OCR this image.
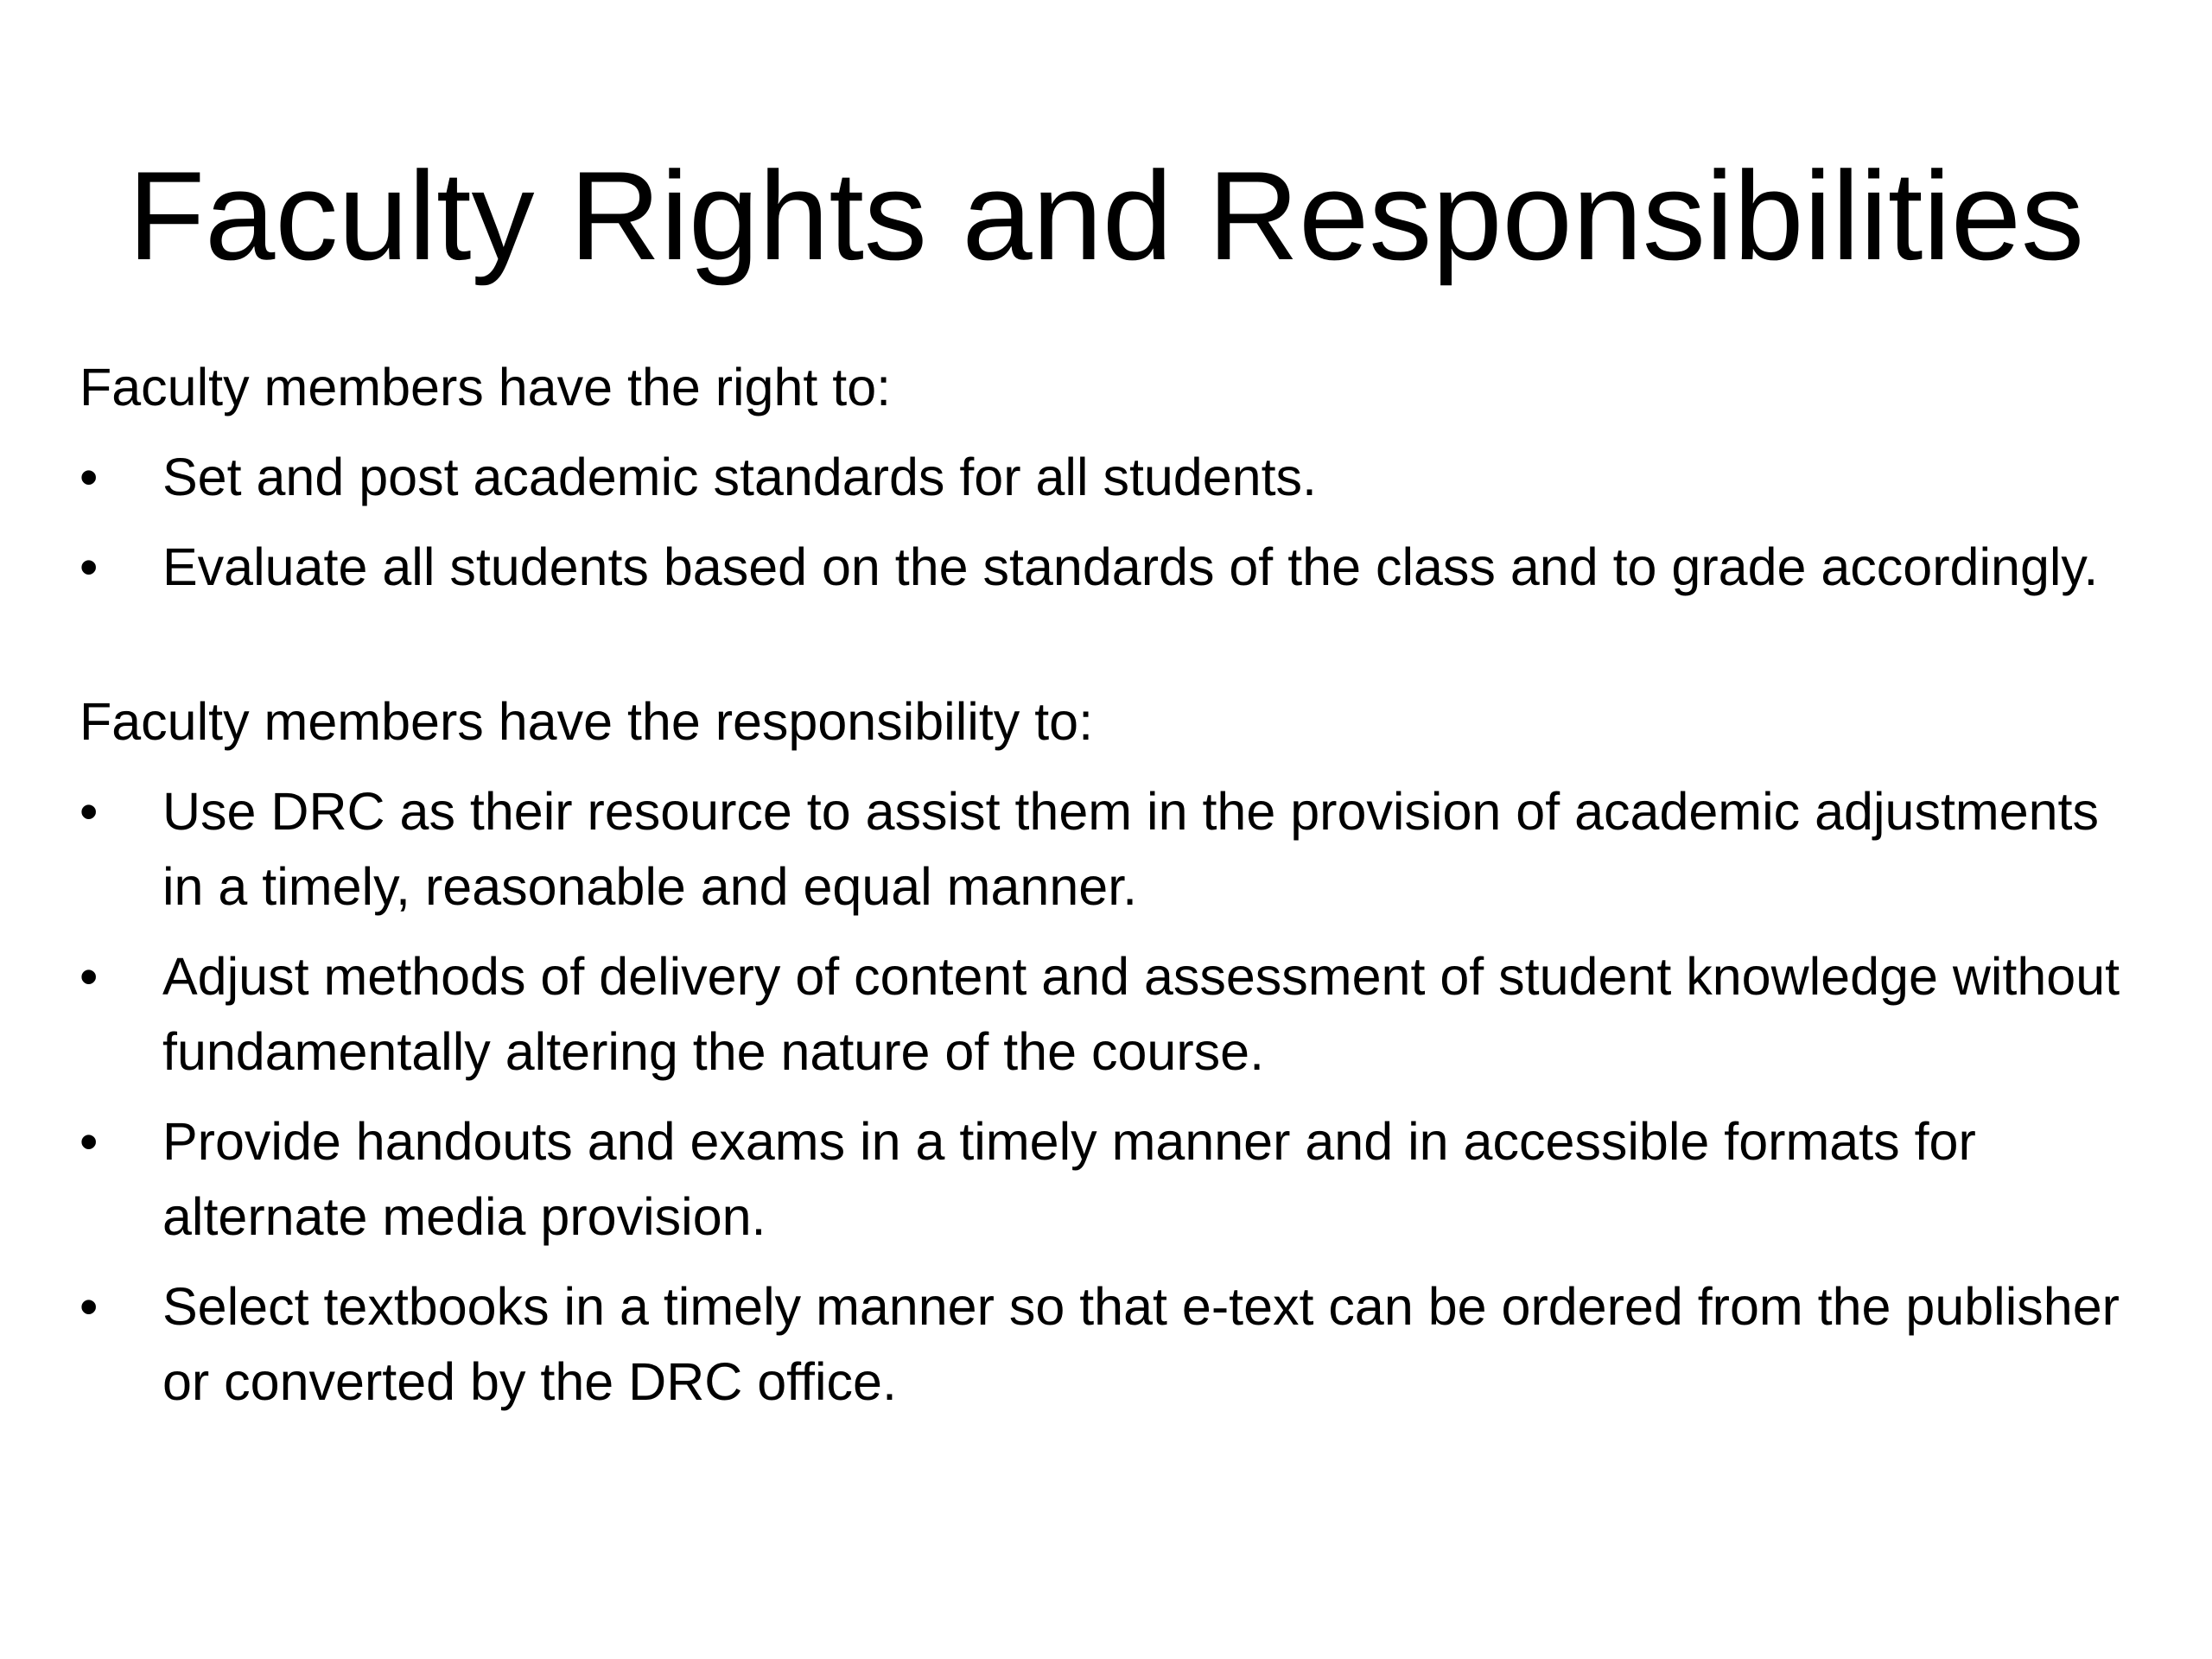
Faculty Rights and Responsibilities

Faculty members have the right to:

•	Set and post academic standards for all students.
•	Evaluate all students based on the standards of the class and to grade accordingly.

Faculty members have the responsibility to:

•	Use DRC as their resource to assist them in the provision of academic adjustments in a timely, reasonable and equal manner.
•	Adjust methods of delivery of content and assessment of student knowledge without fundamentally altering the nature of the course.
•	Provide handouts and exams in a timely manner and in accessible formats for alternate media provision.
•	Select textbooks in a timely manner so that e-text can be ordered from the publisher or converted by the DRC office.
